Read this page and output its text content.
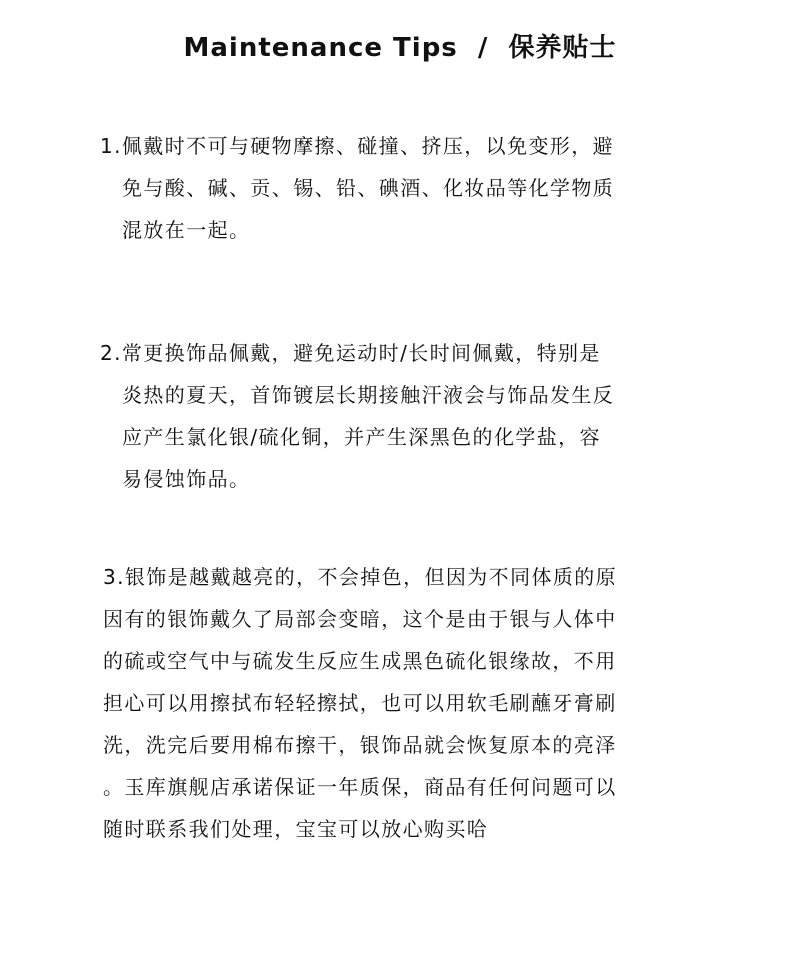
Maintenance Tips  /  保养贴士
1.佩戴时不可与硬物摩擦、碰撞、挤压，以免变形，避
免与酸、碱、贡、锡、铅、碘酒、化妆品等化学物质
混放在一起。
2.常更换饰品佩戴，避免运动时/长时间佩戴，特别是
炎热的夏天，首饰镀层长期接触汗液会与饰品发生反
应产生氯化银/硫化铜，并产生深黑色的化学盐，容
易侵蚀饰品。
3.银饰是越戴越亮的，不会掉色，但因为不同体质的原
因有的银饰戴久了局部会变暗，这个是由于银与人体中
的硫或空气中与硫发生反应生成黑色硫化银缘故，不用
担心可以用擦拭布轻轻擦拭，也可以用软毛刷蘸牙膏刷
洗，洗完后要用棉布擦干，银饰品就会恢复原本的亮泽
。玉库旗舰店承诺保证一年质保，商品有任何问题可以
随时联系我们处理，宝宝可以放心购买哈
